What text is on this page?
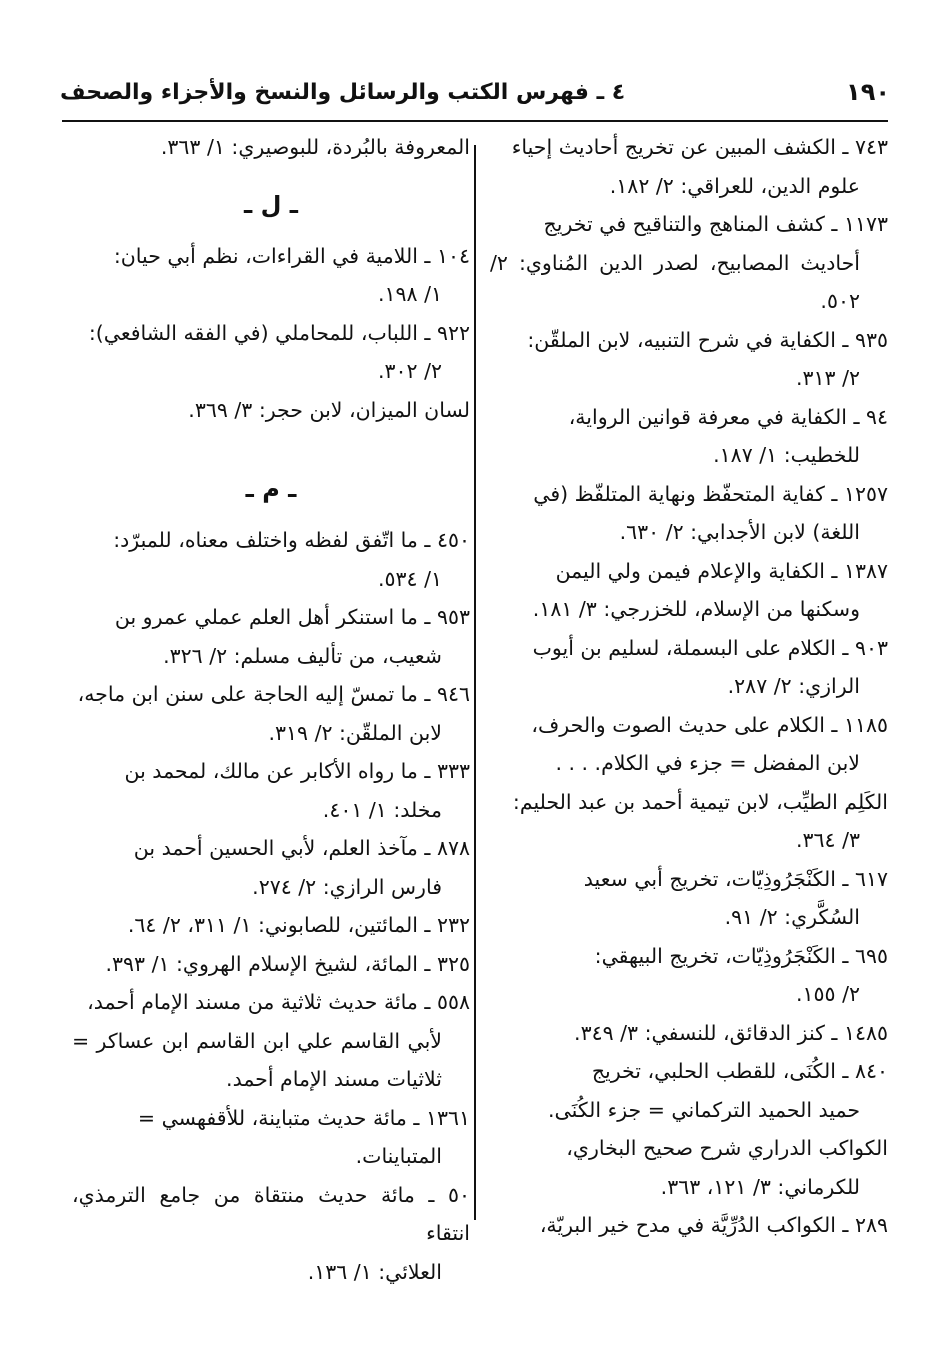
١٩٠
٤ ـ فهرس الكتب والرسائل والنسخ والأجزاء والصحف
٧٤٣ ـ الكشف المبين عن تخريج أحاديث إحياء
علوم الدين، للعراقي: ٢/ ١٨٢.
١١٧٣ ـ كشف المناهج والتناقيح في تخريج
أحاديث المصابيح، لصدر الدين المُناوي: ٢/ ٥٠٢.
٩٣٥ ـ الكفاية في شرح التنبيه، لابن الملقّن:
٢/ ٣١٣.
٩٤ ـ الكفاية في معرفة قوانين الرواية،
للخطيب: ١/ ١٨٧.
١٢٥٧ ـ كفاية المتحفّظ ونهاية المتلفّظ (في
اللغة) لابن الأجدابي: ٢/ ٦٣٠.
١٣٨٧ ـ الكفاية والإعلام فيمن ولي اليمن
وسكنها من الإسلام، للخزرجي: ٣/ ١٨١.
٩٠٣ ـ الكلام على البسملة، لسليم بن أيوب
الرازي: ٢/ ٢٨٧.
١١٨٥ ـ الكلام على حديث الصوت والحرف،
لابن المفضل = جزء في الكلام. . . .
الكَلِم الطيِّب، لابن تيمية أحمد بن عبد الحليم:
٣/ ٣٦٤.
٦١٧ ـ الكَنْجَرُوذِيّات، تخريج أبي سعيد
السُكَّري: ٢/ ٩١.
٦٩٥ ـ الكَنْجَرُوذِيّات، تخريج البيهقي:
٢/ ١٥٥.
١٤٨٥ ـ كنز الدقائق، للنسفي: ٣/ ٣٤٩.
٨٤٠ ـ الكُنَى، للقطب الحلبي، تخريج
حميد الحميد التركماني = جزء الكُنَى.
الكواكب الدراري شرح صحيح البخاري،
للكرماني: ٣/ ١٢١، ٣٦٣.
٢٨٩ ـ الكواكب الدُرِّيَّة في مدح خير البريّة،
المعروفة بالبُردة، للبوصيري: ١/ ٣٦٣.
ـ ل ـ
١٠٤ ـ اللامية في القراءات، نظم أبي حيان:
١/ ١٩٨.
٩٢٢ ـ اللباب، للمحاملي (في الفقه الشافعي):
٢/ ٣٠٢.
لسان الميزان، لابن حجر: ٣/ ٣٦٩.
ـ م ـ
٤٥٠ ـ ما اتّفق لفظه واختلف معناه، للمبرّد:
١/ ٥٣٤.
٩٥٣ ـ ما استنكر أهل العلم عملي عمرو بن
شعيب، من تأليف مسلم: ٢/ ٣٢٦.
٩٤٦ ـ ما تمسّ إليه الحاجة على سنن ابن ماجه،
لابن الملقّن: ٢/ ٣١٩.
٣٣٣ ـ ما رواه الأكابر عن مالك، لمحمد بن
مخلد: ١/ ٤٠١.
٨٧٨ ـ مآخذ العلم، لأبي الحسين أحمد بن
فارس الرازي: ٢/ ٢٧٤.
٢٣٢ ـ المائتين، للصابوني: ١/ ٣١١، ٢/ ٦٤.
٣٢٥ ـ المائة، لشيخ الإسلام الهروي: ١/ ٣٩٣.
٥٥٨ ـ مائة حديث ثلاثية من مسند الإمام أحمد،
لأبي القاسم علي ابن القاسم ابن عساكر = ثلاثيات مسند الإمام أحمد.
١٣٦١ ـ مائة حديث متباينة، للأقفهسي =
المتباينات.
٥٠ ـ مائة حديث منتقاة من جامع الترمذي، انتقاء
العلائي: ١/ ١٣٦.
